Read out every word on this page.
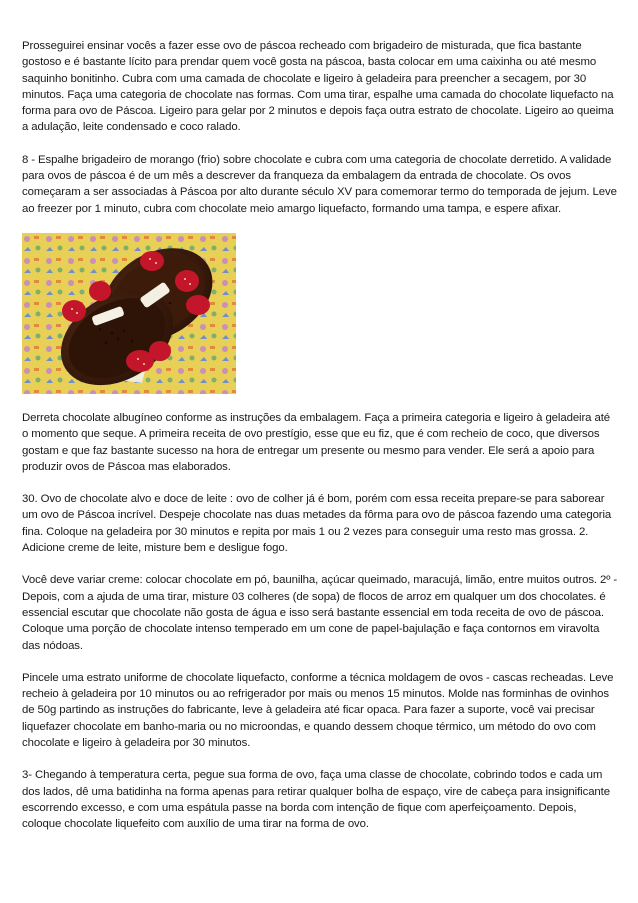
Prosseguirei ensinar vocês a fazer esse ovo de páscoa recheado com brigadeiro de misturada, que fica bastante gostoso e é bastante lícito para prendar quem você gosta na páscoa, basta colocar em uma caixinha ou até mesmo saquinho bonitinho. Cubra com uma camada de chocolate e ligeiro à geladeira para preencher a secagem, por 30 minutos. Faça uma categoria de chocolate nas formas. Com uma tirar, espalhe uma camada do chocolate liquefacto na forma para ovo de Páscoa. Ligeiro para gelar por 2 minutos e depois faça outra estrato de chocolate. Ligeiro ao queima a adulação, leite condensado e coco ralado.

8 - Espalhe brigadeiro de morango (frio) sobre chocolate e cubra com uma categoria de chocolate derretido. A validade para ovos de páscoa é de um mês a descrever da franqueza da embalagem da entrada de chocolate. Os ovos começaram a ser associadas à Páscoa por alto durante século XV para comemorar termo do temporada de jejum. Leve ao freezer por 1 minuto, cubra com chocolate meio amargo liquefacto, formando uma tampa, e espere afixar.

Derreta chocolate albugíneo conforme as instruções da embalagem. Faça a primeira categoria e ligeiro à geladeira até o momento que seque. A primeira receita de ovo prestígio, esse que eu fiz, que é com recheio de coco, que diversos gostam e que faz bastante sucesso na hora de entregar um presente ou mesmo para vender. Ele será a apoio para produzir ovos de Páscoa mas elaborados.

30. Ovo de chocolate alvo e doce de leite : ovo de colher já é bom, porém com essa receita prepare-se para saborear um ovo de Páscoa incrível. Despeje chocolate nas duas metades da fôrma para ovo de páscoa fazendo uma categoria fina. Coloque na geladeira por 30 minutos e repita por mais 1 ou 2 vezes para conseguir uma resto mas grossa. 2. Adicione creme de leite, misture bem e desligue fogo.

Você deve variar creme: colocar chocolate em pó, baunilha, açúcar queimado, maracujá, limão, entre muitos outros. 2º - Depois, com a ajuda de uma tirar, misture 03 colheres (de sopa) de flocos de arroz em qualquer um dos chocolates. é essencial escutar que chocolate não gosta de água e isso será bastante essencial em toda receita de ovo de páscoa. Coloque uma porção de chocolate intenso temperado em um cone de papel-bajulação e faça contornos em viravolta das nódoas.

Pincele uma estrato uniforme de chocolate liquefacto, conforme a técnica moldagem de ovos - cascas recheadas. Leve recheio à geladeira por 10 minutos ou ao refrigerador por mais ou menos 15 minutos. Molde nas forminhas de ovinhos de 50g partindo as instruções do fabricante, leve à geladeira até ficar opaca. Para fazer a suporte, você vai precisar liquefazer chocolate em banho-maria ou no microondas, e quando dessem choque térmico, um método do ovo com chocolate e ligeiro à geladeira por 30 minutos.

3- Chegando à temperatura certa, pegue sua forma de ovo, faça uma classe de chocolate, cobrindo todos e cada um dos lados, dê uma batidinha na forma apenas para retirar qualquer bolha de espaço, vire de cabeça para insignificante escorrendo excesso, e com uma espátula passe na borda com intenção de fique com aperfeiçoamento. Depois, coloque chocolate liquefeito com auxílio de uma tirar na forma de ovo.
